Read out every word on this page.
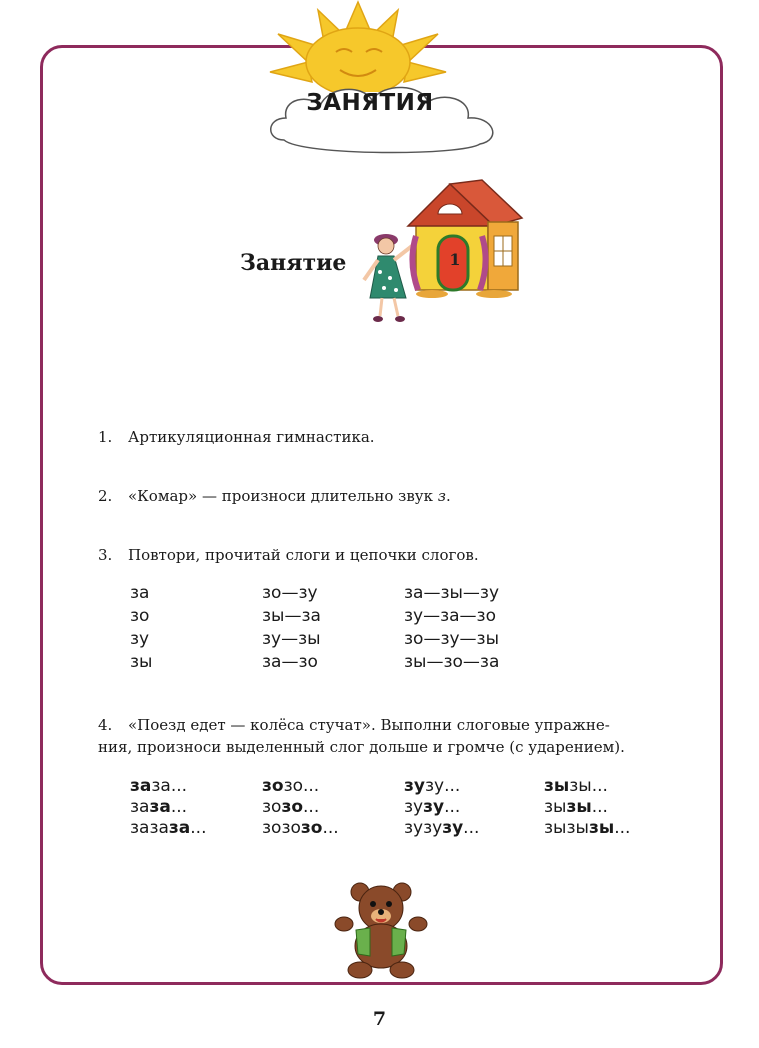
ЗАНЯТИЯ
Занятие	1
1. Артикуляционная гимнастика.
2. «Комар» — произноси длительно звук з.
3. Повтори, прочитай слоги и цепочки слогов.
за
зо
зу
зы
зо—зу
зы—за
зу—зы
за—зо
за—зы—зу
зу—за—зо
зо—зу—зы
зы—зо—за
4. «Поезд едет — колёса стучат». Выполни слоговые упражне-
ния, произноси выделенный слог дольше и громче (с ударением).
заза...
заза...
зазаза...
зозо...
зозо...
зозозо...
зузу...
зузу...
зузузу...
зызы...
зызы...
зызызы...
7
